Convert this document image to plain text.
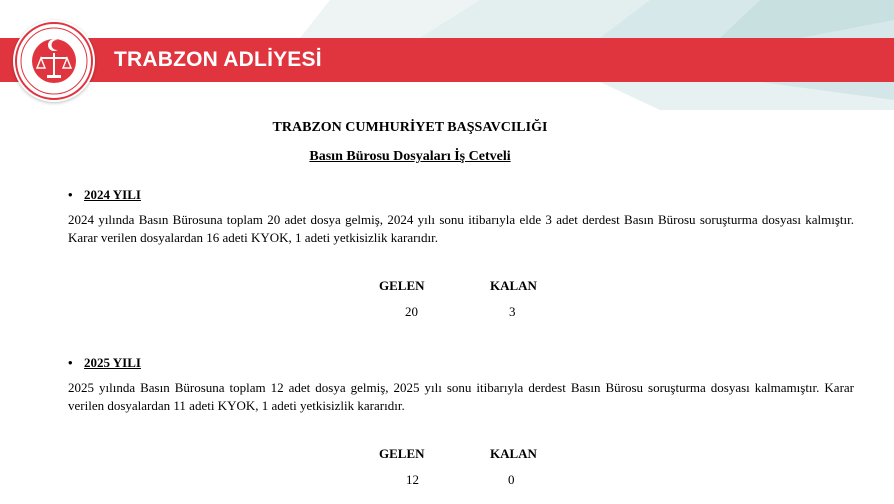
TRABZON ADLİYESİ
TRABZON CUMHURİYET BAŞSAVCILIĞI
Basın Bürosu Dosyaları İş Cetveli
• 2024 YILI
2024 yılında Basın Bürosuna toplam 20 adet dosya gelmiş, 2024 yılı sonu itibarıyla elde 3 adet derdest Basın Bürosu soruşturma dosyası kalmıştır. Karar verilen dosyalardan 16 adeti KYOK, 1 adeti yetkisizlik kararıdır.
GELEN	KALAN
20	3
• 2025 YILI
2025 yılında Basın Bürosuna toplam 12 adet dosya gelmiş, 2025 yılı sonu itibarıyla derdest Basın Bürosu soruşturma dosyası kalmamıştır. Karar verilen dosyalardan 11 adeti KYOK, 1 adeti yetkisizlik kararıdır.
GELEN	KALAN
12	0
